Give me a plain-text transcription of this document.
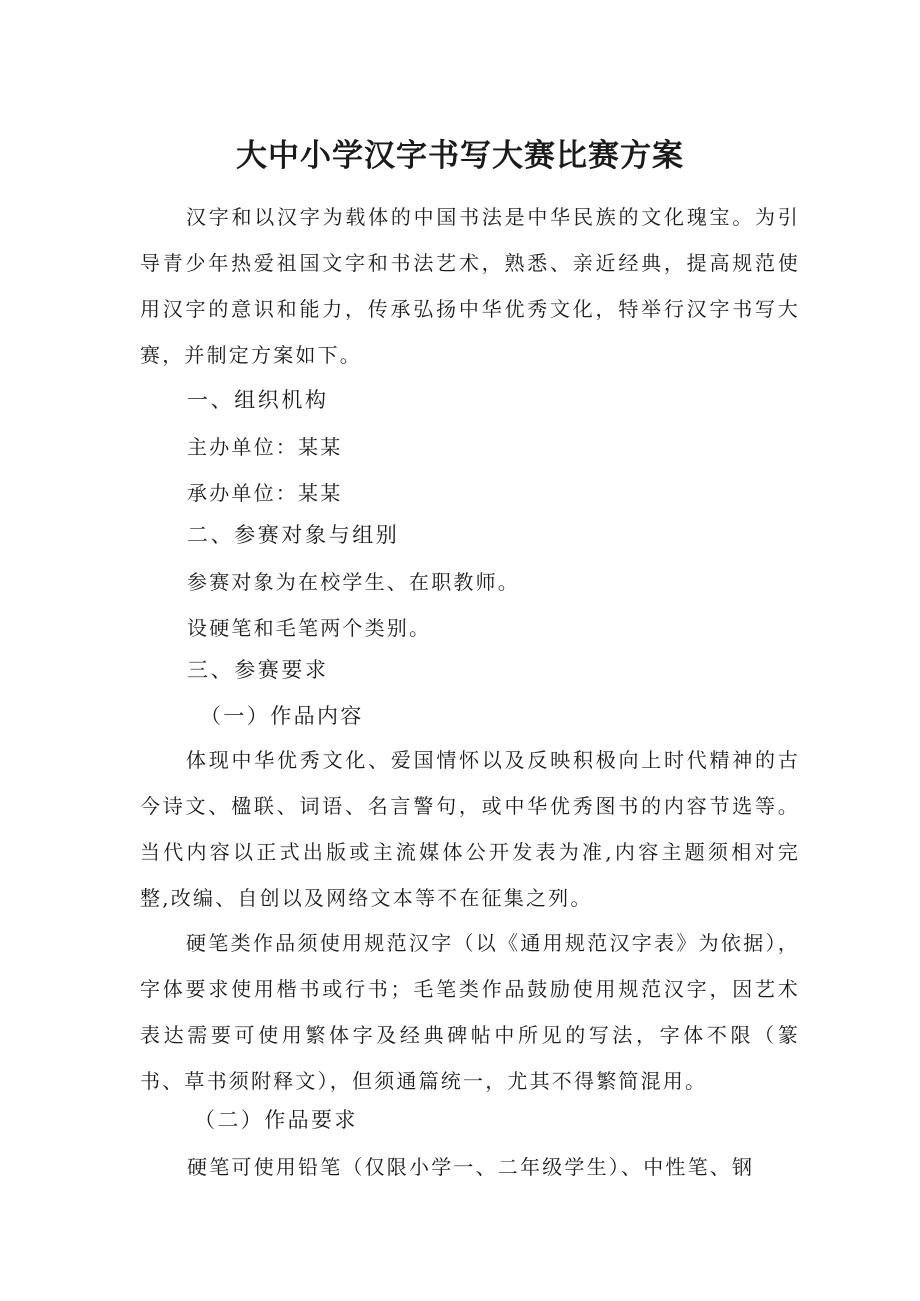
大中小学汉字书写大赛比赛方案

汉字和以汉字为载体的中国书法是中华民族的文化瑰宝。为引导青少年热爱祖国文字和书法艺术，熟悉、亲近经典，提高规范使用汉字的意识和能力，传承弘扬中华优秀文化，特举行汉字书写大赛，并制定方案如下。

一、组织机构
主办单位：某某
承办单位：某某
二、参赛对象与组别
参赛对象为在校学生、在职教师。
设硬笔和毛笔两个类别。
三、参赛要求
（一）作品内容

体现中华优秀文化、爱国情怀以及反映积极向上时代精神的古今诗文、楹联、词语、名言警句，或中华优秀图书的内容节选等。当代内容以正式出版或主流媒体公开发表为准,内容主题须相对完整,改编、自创以及网络文本等不在征集之列。

硬笔类作品须使用规范汉字（以《通用规范汉字表》为依据），字体要求使用楷书或行书；毛笔类作品鼓励使用规范汉字，因艺术表达需要可使用繁体字及经典碑帖中所见的写法，字体不限（篆书、草书须附释文），但须通篇统一，尤其不得繁简混用。

（二）作品要求
硬笔可使用铅笔（仅限小学一、二年级学生）、中性笔、钢
